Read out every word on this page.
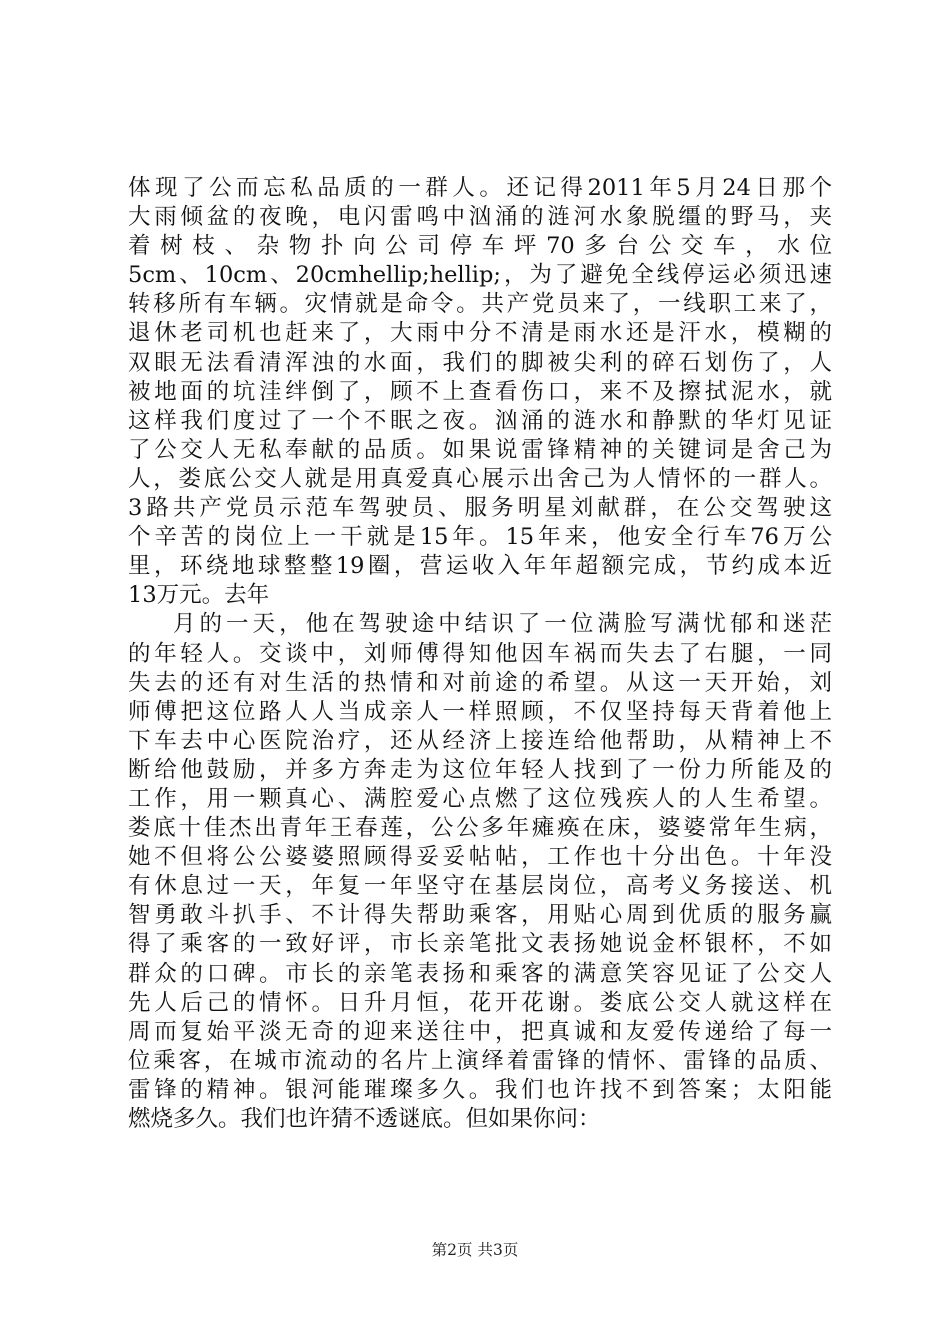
体现了公而忘私品质的一群人。还记得2011年5月24日那个
大雨倾盆的夜晚，电闪雷鸣中汹涌的涟河水象脱缰的野马，夹
着树枝、杂物扑向公司停车坪70多台公交车，水位
5cm、10cm、20cmhellip;hellip;，为了避免全线停运必须迅速
转移所有车辆。灾情就是命令。共产党员来了，一线职工来了，
退休老司机也赶来了，大雨中分不清是雨水还是汗水，模糊的
双眼无法看清浑浊的水面，我们的脚被尖利的碎石划伤了，人
被地面的坑洼绊倒了，顾不上查看伤口，来不及擦拭泥水，就
这样我们度过了一个不眠之夜。汹涌的涟水和静默的华灯见证
了公交人无私奉献的品质。如果说雷锋精神的关键词是舍己为
人，娄底公交人就是用真爱真心展示出舍己为人情怀的一群人。
3路共产党员示范车驾驶员、服务明星刘献群，在公交驾驶这
个辛苦的岗位上一干就是15年。15年来，他安全行车76万公
里，环绕地球整整19圈，营运收入年年超额完成，节约成本近
13万元。去年
月的一天，他在驾驶途中结识了一位满脸写满忧郁和迷茫
的年轻人。交谈中，刘师傅得知他因车祸而失去了右腿，一同
失去的还有对生活的热情和对前途的希望。从这一天开始，刘
师傅把这位路人人当成亲人一样照顾，不仅坚持每天背着他上
下车去中心医院治疗，还从经济上接连给他帮助，从精神上不
断给他鼓励，并多方奔走为这位年轻人找到了一份力所能及的
工作，用一颗真心、满腔爱心点燃了这位残疾人的人生希望。
娄底十佳杰出青年王春莲，公公多年瘫痪在床，婆婆常年生病，
她不但将公公婆婆照顾得妥妥帖帖，工作也十分出色。十年没
有休息过一天，年复一年坚守在基层岗位，高考义务接送、机
智勇敢斗扒手、不计得失帮助乘客，用贴心周到优质的服务赢
得了乘客的一致好评，市长亲笔批文表扬她说金杯银杯，不如
群众的口碑。市长的亲笔表扬和乘客的满意笑容见证了公交人
先人后己的情怀。日升月恒，花开花谢。娄底公交人就这样在
周而复始平淡无奇的迎来送往中，把真诚和友爱传递给了每一
位乘客，在城市流动的名片上演绎着雷锋的情怀、雷锋的品质、
雷锋的精神。银河能璀璨多久。我们也许找不到答案；太阳能
燃烧多久。我们也许猜不透谜底。但如果你问：
第2页 共3页
